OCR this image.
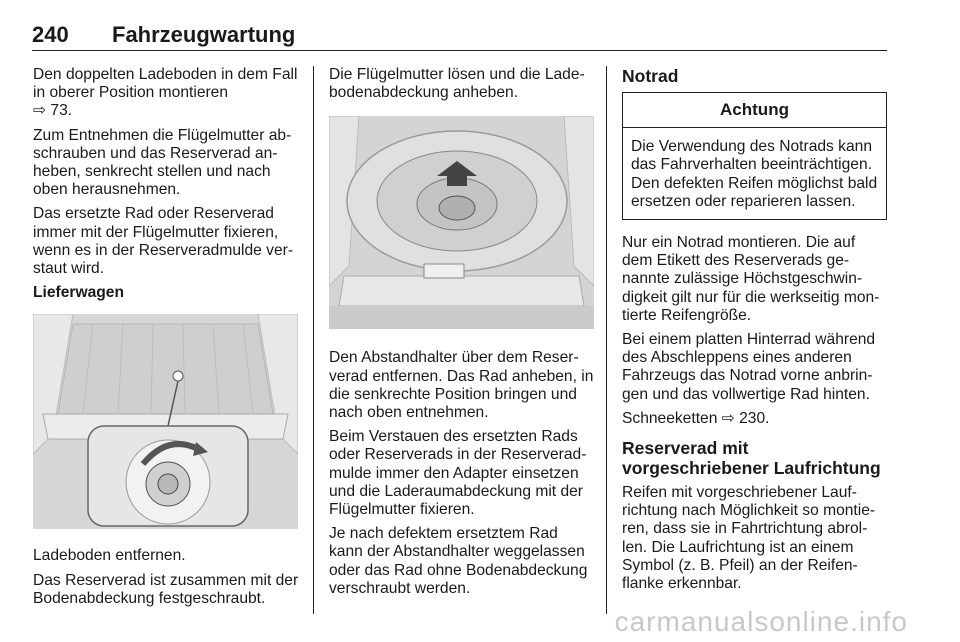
240 Fahrzeugwartung

Den doppelten Ladeboden in dem Fall in oberer Position montieren
⇨ 73.

Zum Entnehmen die Flügelmutter abschrauben und das Reserverad anheben, senkrecht stellen und nach oben herausnehmen.

Das ersetzte Rad oder Reserverad immer mit der Flügelmutter fixieren, wenn es in der Reserveradmulde verstaut wird.

Lieferwagen

Ladeboden entfernen.

Das Reserverad ist zusammen mit der Bodenabdeckung festgeschraubt.

Die Flügelmutter lösen und die Ladebodenabdeckung anheben.

Den Abstandhalter über dem Reserverad entfernen. Das Rad anheben, in die senkrechte Position bringen und nach oben entnehmen.

Beim Verstauen des ersetzten Rads oder Reserverads in der Reserveradmulde immer den Adapter einsetzen und die Laderaumabdeckung mit der Flügelmutter fixieren.

Je nach defektem ersetztem Rad kann der Abstandhalter weggelassen oder das Rad ohne Bodenabdeckung verschraubt werden.

Notrad

Achtung
Die Verwendung des Notrads kann das Fahrverhalten beeinträchtigen. Den defekten Reifen möglichst bald ersetzen oder reparieren lassen.

Nur ein Notrad montieren. Die auf dem Etikett des Reserverads genannte zulässige Höchstgeschwindigkeit gilt nur für die werkseitig montierte Reifengröße.

Bei einem platten Hinterrad während des Abschleppens eines anderen Fahrzeugs das Notrad vorne anbringen und das vollwertige Rad hinten.

Schneeketten ⇨ 230.

Reserverad mit vorgeschriebener Laufrichtung

Reifen mit vorgeschriebener Laufrichtung nach Möglichkeit so montieren, dass sie in Fahrtrichtung abrollen. Die Laufrichtung ist an einem Symbol (z. B. Pfeil) an der Reifenflanke erkennbar.

carmanualsonline.info
